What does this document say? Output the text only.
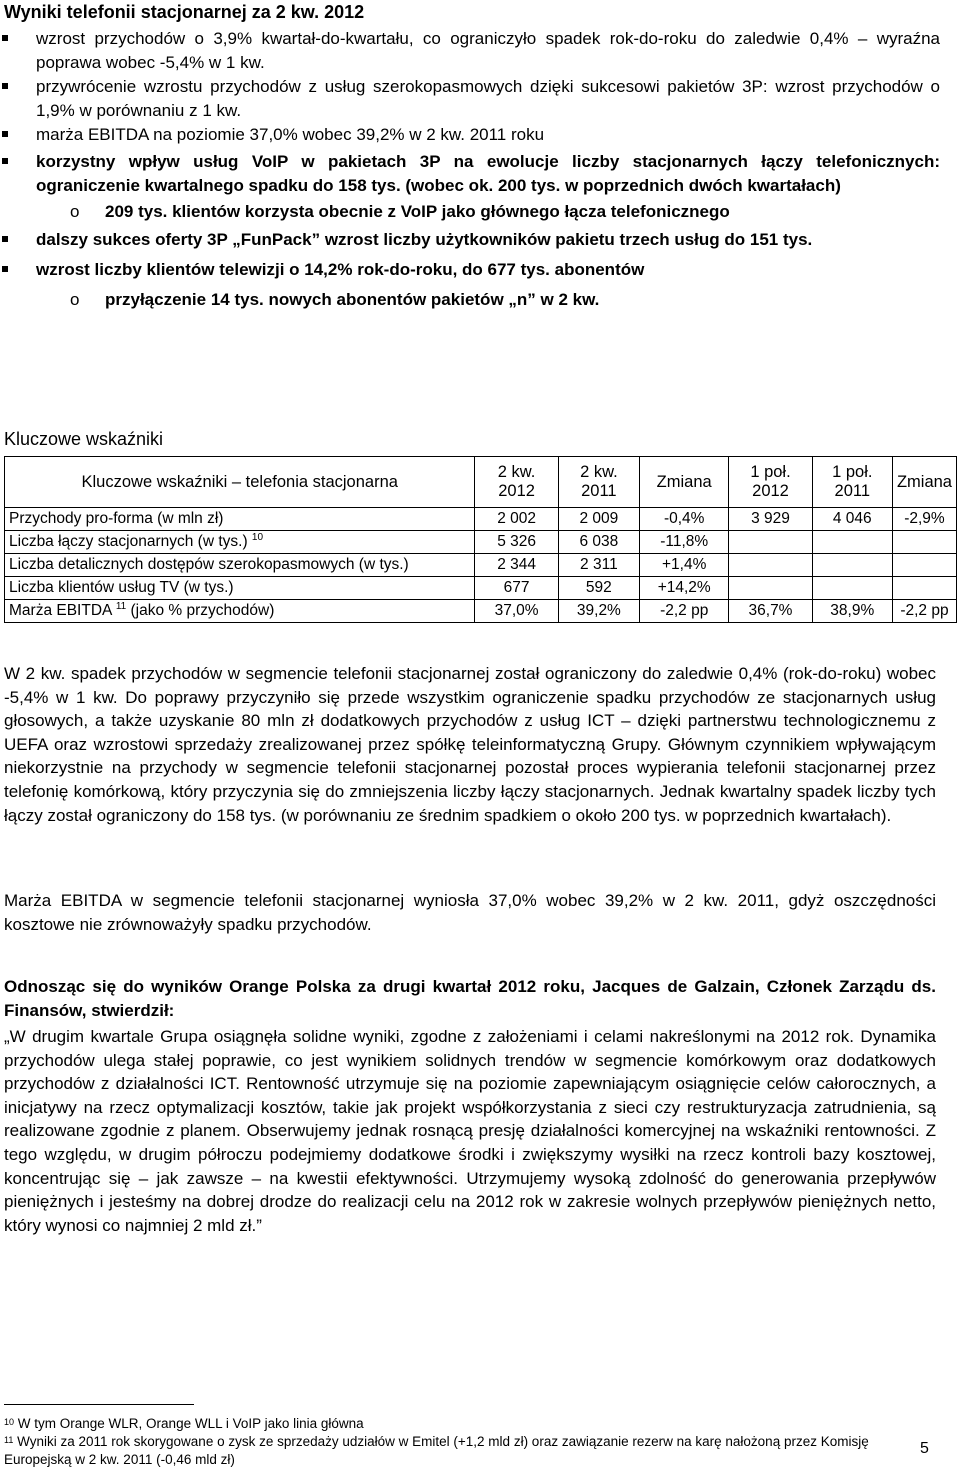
Wyniki telefonii stacjonarnej za 2 kw. 2012
wzrost przychodów o 3,9% kwartał-do-kwartału, co ograniczyło spadek rok-do-roku do zaledwie 0,4% – wyraźna poprawa wobec -5,4% w 1 kw.
przywrócenie wzrostu przychodów z usług szerokopasmowych dzięki sukcesowi pakietów 3P: wzrost przychodów o 1,9% w porównaniu z 1 kw.
marża EBITDA na poziomie 37,0% wobec 39,2% w 2 kw. 2011 roku
korzystny wpływ usług VoIP w pakietach 3P na ewolucje liczby stacjonarnych łączy telefonicznych: ograniczenie kwartalnego spadku do 158 tys. (wobec ok. 200 tys. w poprzednich dwóch kwartałach)
o 209 tys. klientów korzysta obecnie z VoIP jako głównego łącza telefonicznego
dalszy sukces oferty 3P „FunPack” wzrost liczby użytkowników pakietu trzech usług do 151 tys.
wzrost liczby klientów telewizji o 14,2% rok-do-roku, do 677 tys. abonentów
o przyłączenie 14 tys. nowych abonentów pakietów „n” w 2 kw.
Kluczowe wskaźniki
Kluczowe wskaźniki – telefonia stacjonarna	2 kw. 2012	2 kw. 2011	Zmiana	1 poł. 2012	1 poł. 2011	Zmiana
Przychody pro-forma (w mln zł)	2 002	2 009	-0,4%	3 929	4 046	-2,9%
Liczba łączy stacjonarnych (w tys.) $^{10}$	5 326	6 038	-11,8%			
Liczba detalicznych dostępów szerokopasmowych (w tys.)	2 344	2 311	+1,4%			
Liczba klientów usług TV (w tys.)	677	592	+14,2%			
Marża EBITDA $^{11}$ (jako % przychodów)	37,0%	39,2%	-2,2 pp	36,7%	38,9%	-2,2 pp
W 2 kw. spadek przychodów w segmencie telefonii stacjonarnej został ograniczony do zaledwie 0,4% (rok-do-roku) wobec -5,4% w 1 kw. Do poprawy przyczyniło się przede wszystkim ograniczenie spadku przychodów ze stacjonarnych usług głosowych, a także uzyskanie 80 mln zł dodatkowych przychodów z usług ICT – dzięki partnerstwu technologicznemu z UEFA oraz wzrostowi sprzedaży zrealizowanej przez spółkę teleinformatyczną Grupy. Głównym czynnikiem wpływającym niekorzystnie na przychody w segmencie telefonii stacjonarnej pozostał proces wypierania telefonii stacjonarnej przez telefonię komórkową, który przyczynia się do zmniejszenia liczby łączy stacjonarnych. Jednak kwartalny spadek liczby tych łączy został ograniczony do 158 tys. (w porównaniu ze średnim spadkiem o około 200 tys. w poprzednich kwartałach).
Marża EBITDA w segmencie telefonii stacjonarnej wyniosła 37,0% wobec 39,2% w 2 kw. 2011, gdyż oszczędności kosztowe nie zrównoważyły spadku przychodów.
Odnosząc się do wyników Orange Polska za drugi kwartał 2012 roku, Jacques de Galzain, Członek Zarządu ds. Finansów, stwierdził:
„W drugim kwartale Grupa osiągnęła solidne wyniki, zgodne z założeniami i celami nakreślonymi na 2012 rok. Dynamika przychodów ulega stałej poprawie, co jest wynikiem solidnych trendów w segmencie komórkowym oraz dodatkowych przychodów z działalności ICT. Rentowność utrzymuje się na poziomie zapewniającym osiągnięcie celów całorocznych, a inicjatywy na rzecz optymalizacji kosztów, takie jak projekt współkorzystania z sieci czy restrukturyzacja zatrudnienia, są realizowane zgodnie z planem. Obserwujemy jednak rosnącą presję działalności komercyjnej na wskaźniki rentowności. Z tego względu, w drugim półroczu podejmiemy dodatkowe środki i zwiększymy wysiłki na rzecz kontroli bazy kosztowej, koncentrując się – jak zawsze – na kwestii efektywności. Utrzymujemy wysoką zdolność do generowania przepływów pieniężnych i jesteśmy na dobrej drodze do realizacji celu na 2012 rok w zakresie wolnych przepływów pieniężnych netto, który wynosi co najmniej 2 mld zł.”
$^{10}$ W tym Orange WLR, Orange WLL i VoIP jako linia główna
$^{11}$ Wyniki za 2011 rok skorygowane o zysk ze sprzedaży udziałów w Emitel (+1,2 mld zł) oraz zawiązanie rezerw na karę nałożoną przez Komisję Europejską w 2 kw. 2011 (-0,46 mld zł)
5
